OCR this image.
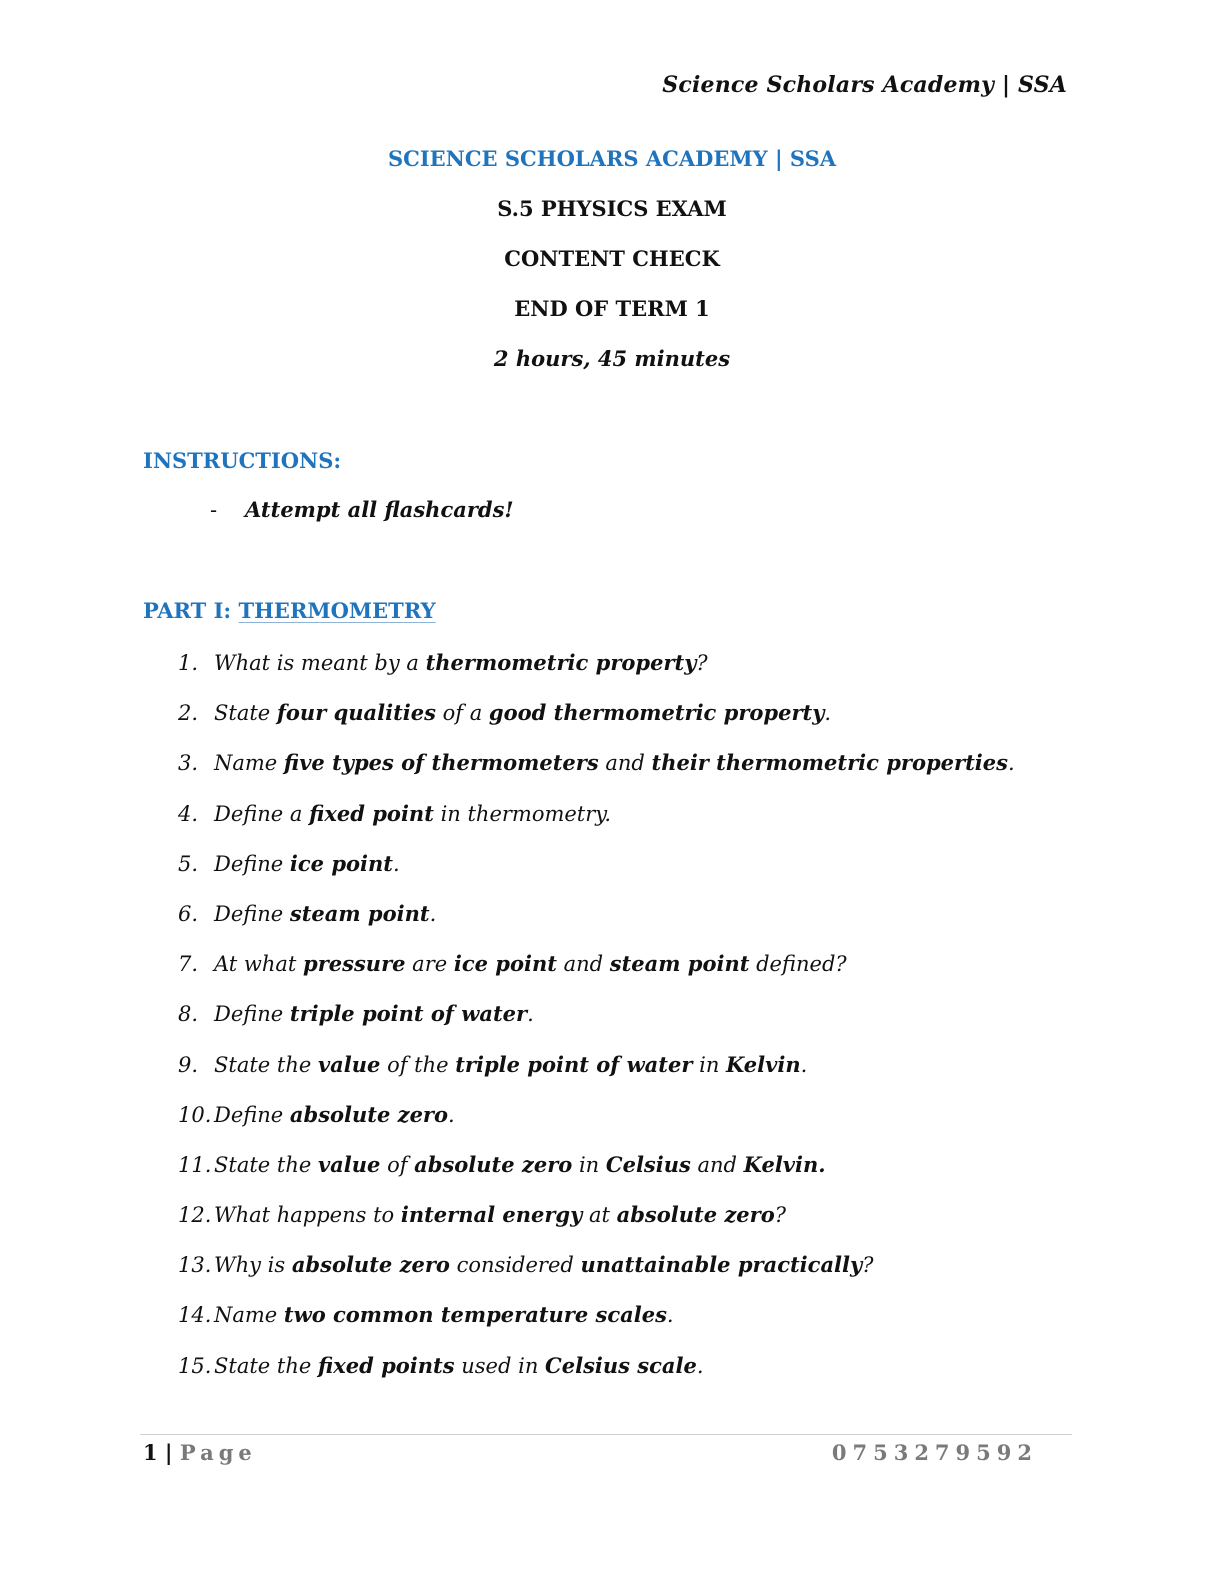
Science Scholars Academy | SSA
SCIENCE SCHOLARS ACADEMY | SSA
S.5 PHYSICS EXAM
CONTENT CHECK
END OF TERM 1
2 hours, 45 minutes
INSTRUCTIONS:
- Attempt all flashcards!
PART I: THERMOMETRY
1. What is meant by a thermometric property?
2. State four qualities of a good thermometric property.
3. Name five types of thermometers and their thermometric properties.
4. Define a fixed point in thermometry.
5. Define ice point.
6. Define steam point.
7. At what pressure are ice point and steam point defined?
8. Define triple point of water.
9. State the value of the triple point of water in Kelvin.
10. Define absolute zero.
11. State the value of absolute zero in Celsius and Kelvin.
12. What happens to internal energy at absolute zero?
13. Why is absolute zero considered unattainable practically?
14. Name two common temperature scales.
15. State the fixed points used in Celsius scale.
1 | Page	0753279592
